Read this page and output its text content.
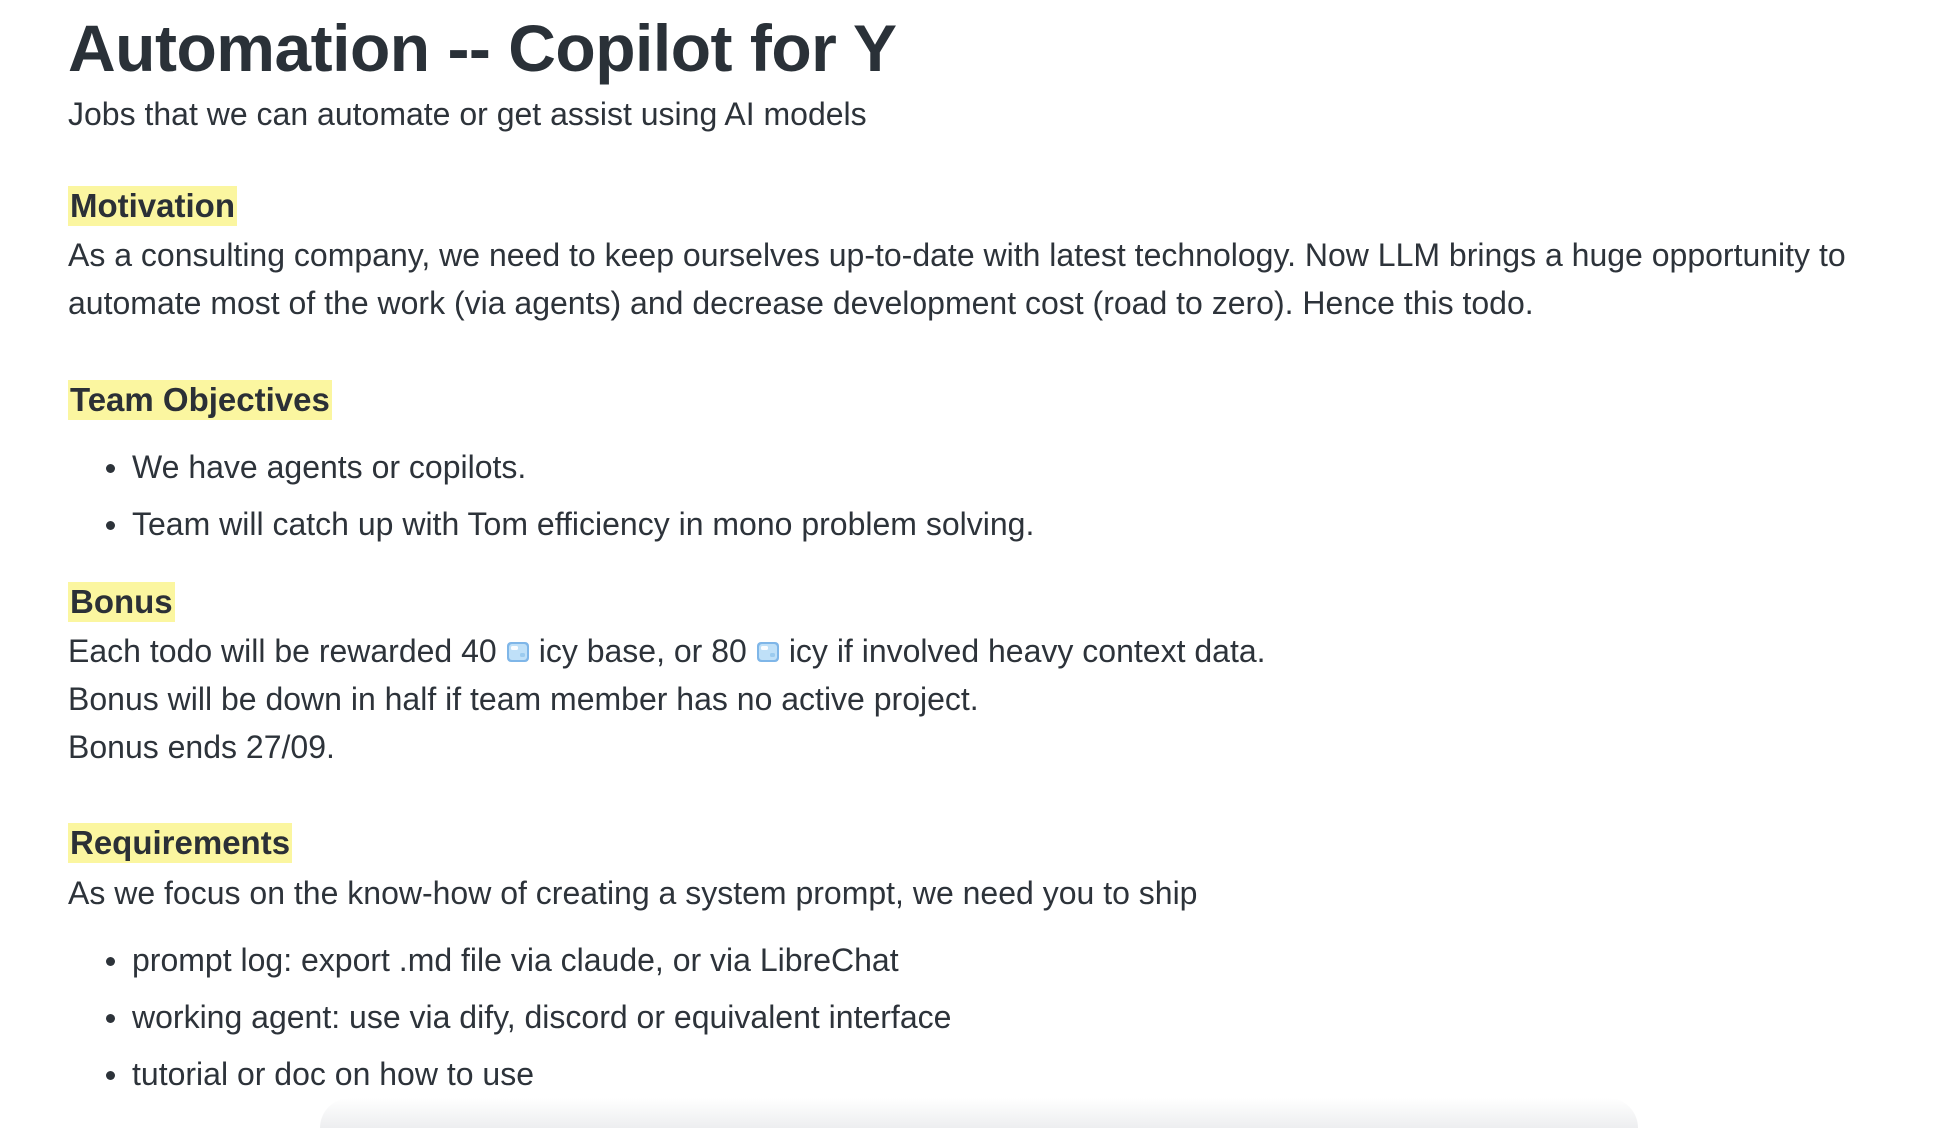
Automation -- Copilot for Y

Jobs that we can automate or get assist using AI models

Motivation

As a consulting company, we need to keep ourselves up-to-date with latest technology. Now LLM brings a huge opportunity to

automate most of the work (via agents) and decrease development cost (road to zero). Hence this todo.

Team Objectives
We have agents or copilots.
Team will catch up with Tom efficiency in mono problem solving.
Bonus

Each todo will be rewarded 40 icy base, or 80 icy if involved heavy context data.

Bonus will be down in half if team member has no active project.

Bonus ends 27/09.

Requirements

As we focus on the know-how of creating a system prompt, we need you to ship

prompt log: export .md file via claude, or via LibreChat
working agent: use via dify, discord or equivalent interface
tutorial or doc on how to use
